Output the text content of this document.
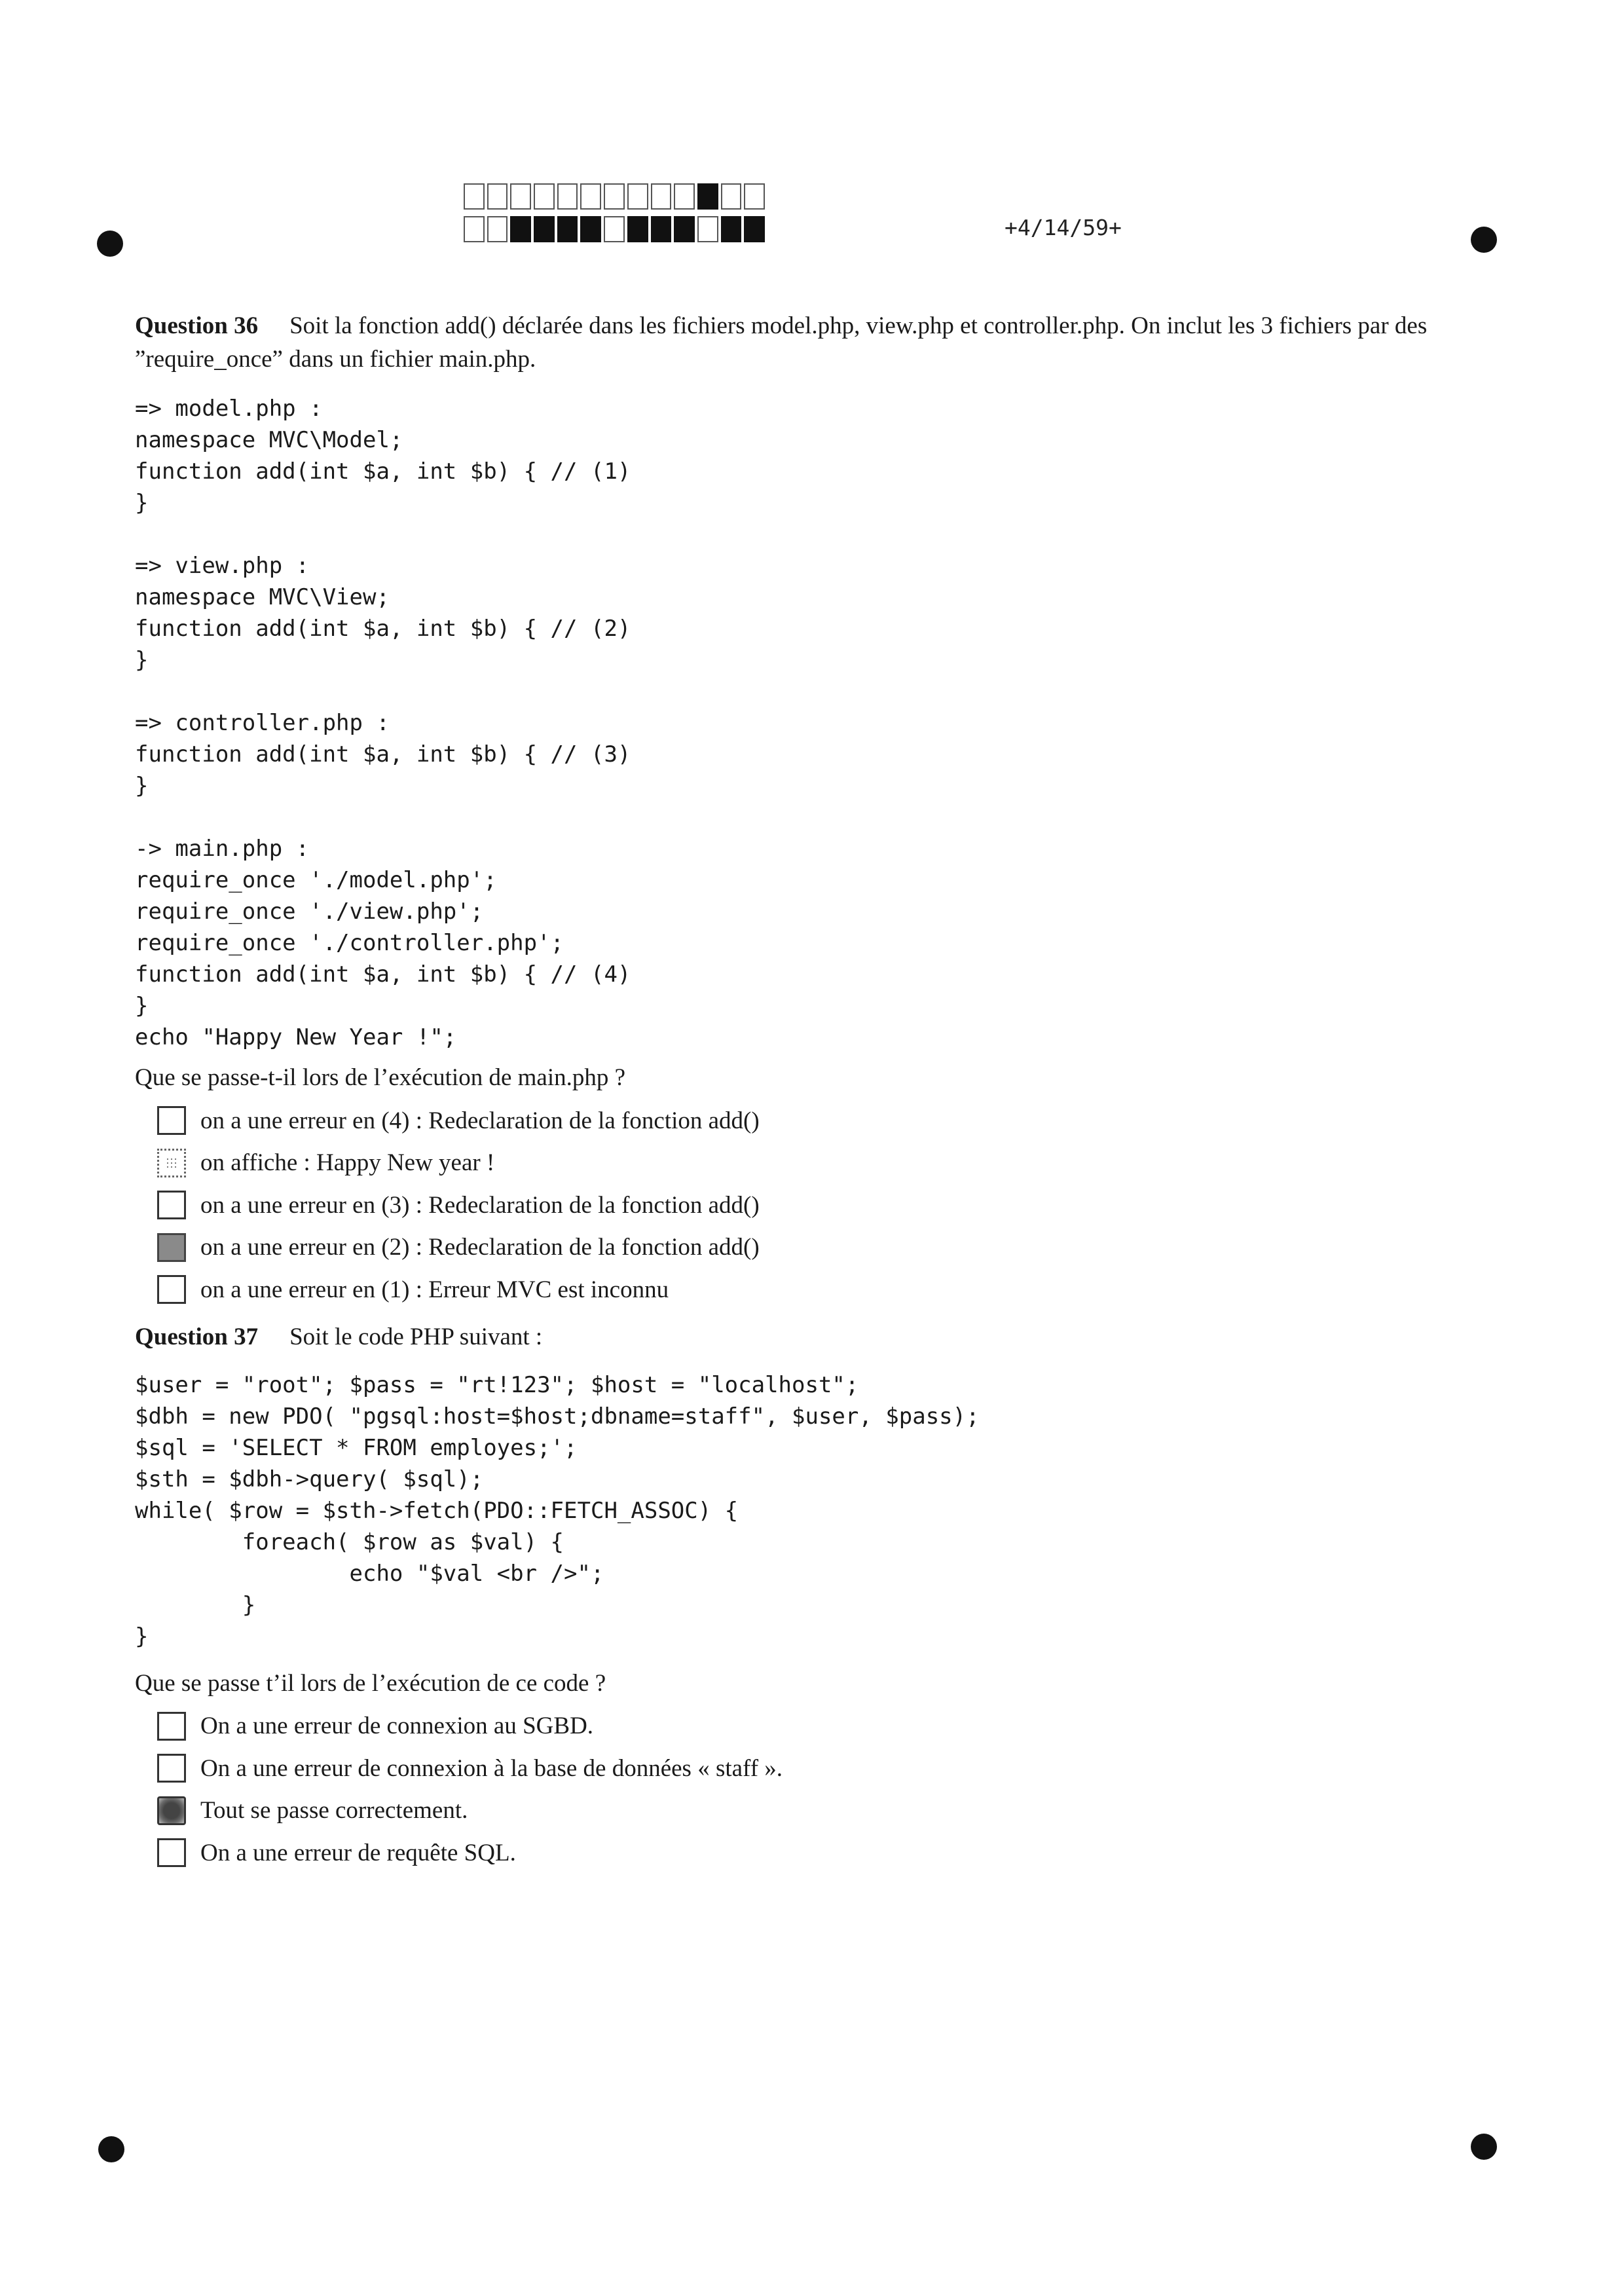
+4/14/59+

Question 36 Soit la fonction add() déclarée dans les fichiers model.php, view.php et controller.php. On inclut les 3 fichiers par des ”require_once” dans un fichier main.php.

=> model.php :
namespace MVC\Model;
function add(int $a, int $b) { // (1)
}
=> view.php :
namespace MVC\View;
function add(int $a, int $b) { // (2)
}
=> controller.php :
function add(int $a, int $b) { // (3)
}
-> main.php :
require_once './model.php';
require_once './view.php';
require_once './controller.php';
function add(int $a, int $b) { // (4)
}
echo "Happy New Year !";

Que se passe-t-il lors de l’exécution de main.php ?

on a une erreur en (4) : Redeclaration de la fonction add()
on affiche : Happy New year !
on a une erreur en (3) : Redeclaration de la fonction add()
on a une erreur en (2) : Redeclaration de la fonction add()
on a une erreur en (1) : Erreur MVC est inconnu

Question 37 Soit le code PHP suivant :

$user = "root"; $pass = "rt!123"; $host = "localhost";
$dbh = new PDO( "pgsql:host=$host;dbname=staff", $user, $pass);
$sql = 'SELECT * FROM employes;';
$sth = $dbh->query( $sql);
while( $row = $sth->fetch(PDO::FETCH_ASSOC) {
foreach( $row as $val) {
echo "$val <br />";
}
}

Que se passe t’il lors de l’exécution de ce code ?

On a une erreur de connexion au SGBD.
On a une erreur de connexion à la base de données « staff ».
Tout se passe correctement.
On a une erreur de requête SQL.
